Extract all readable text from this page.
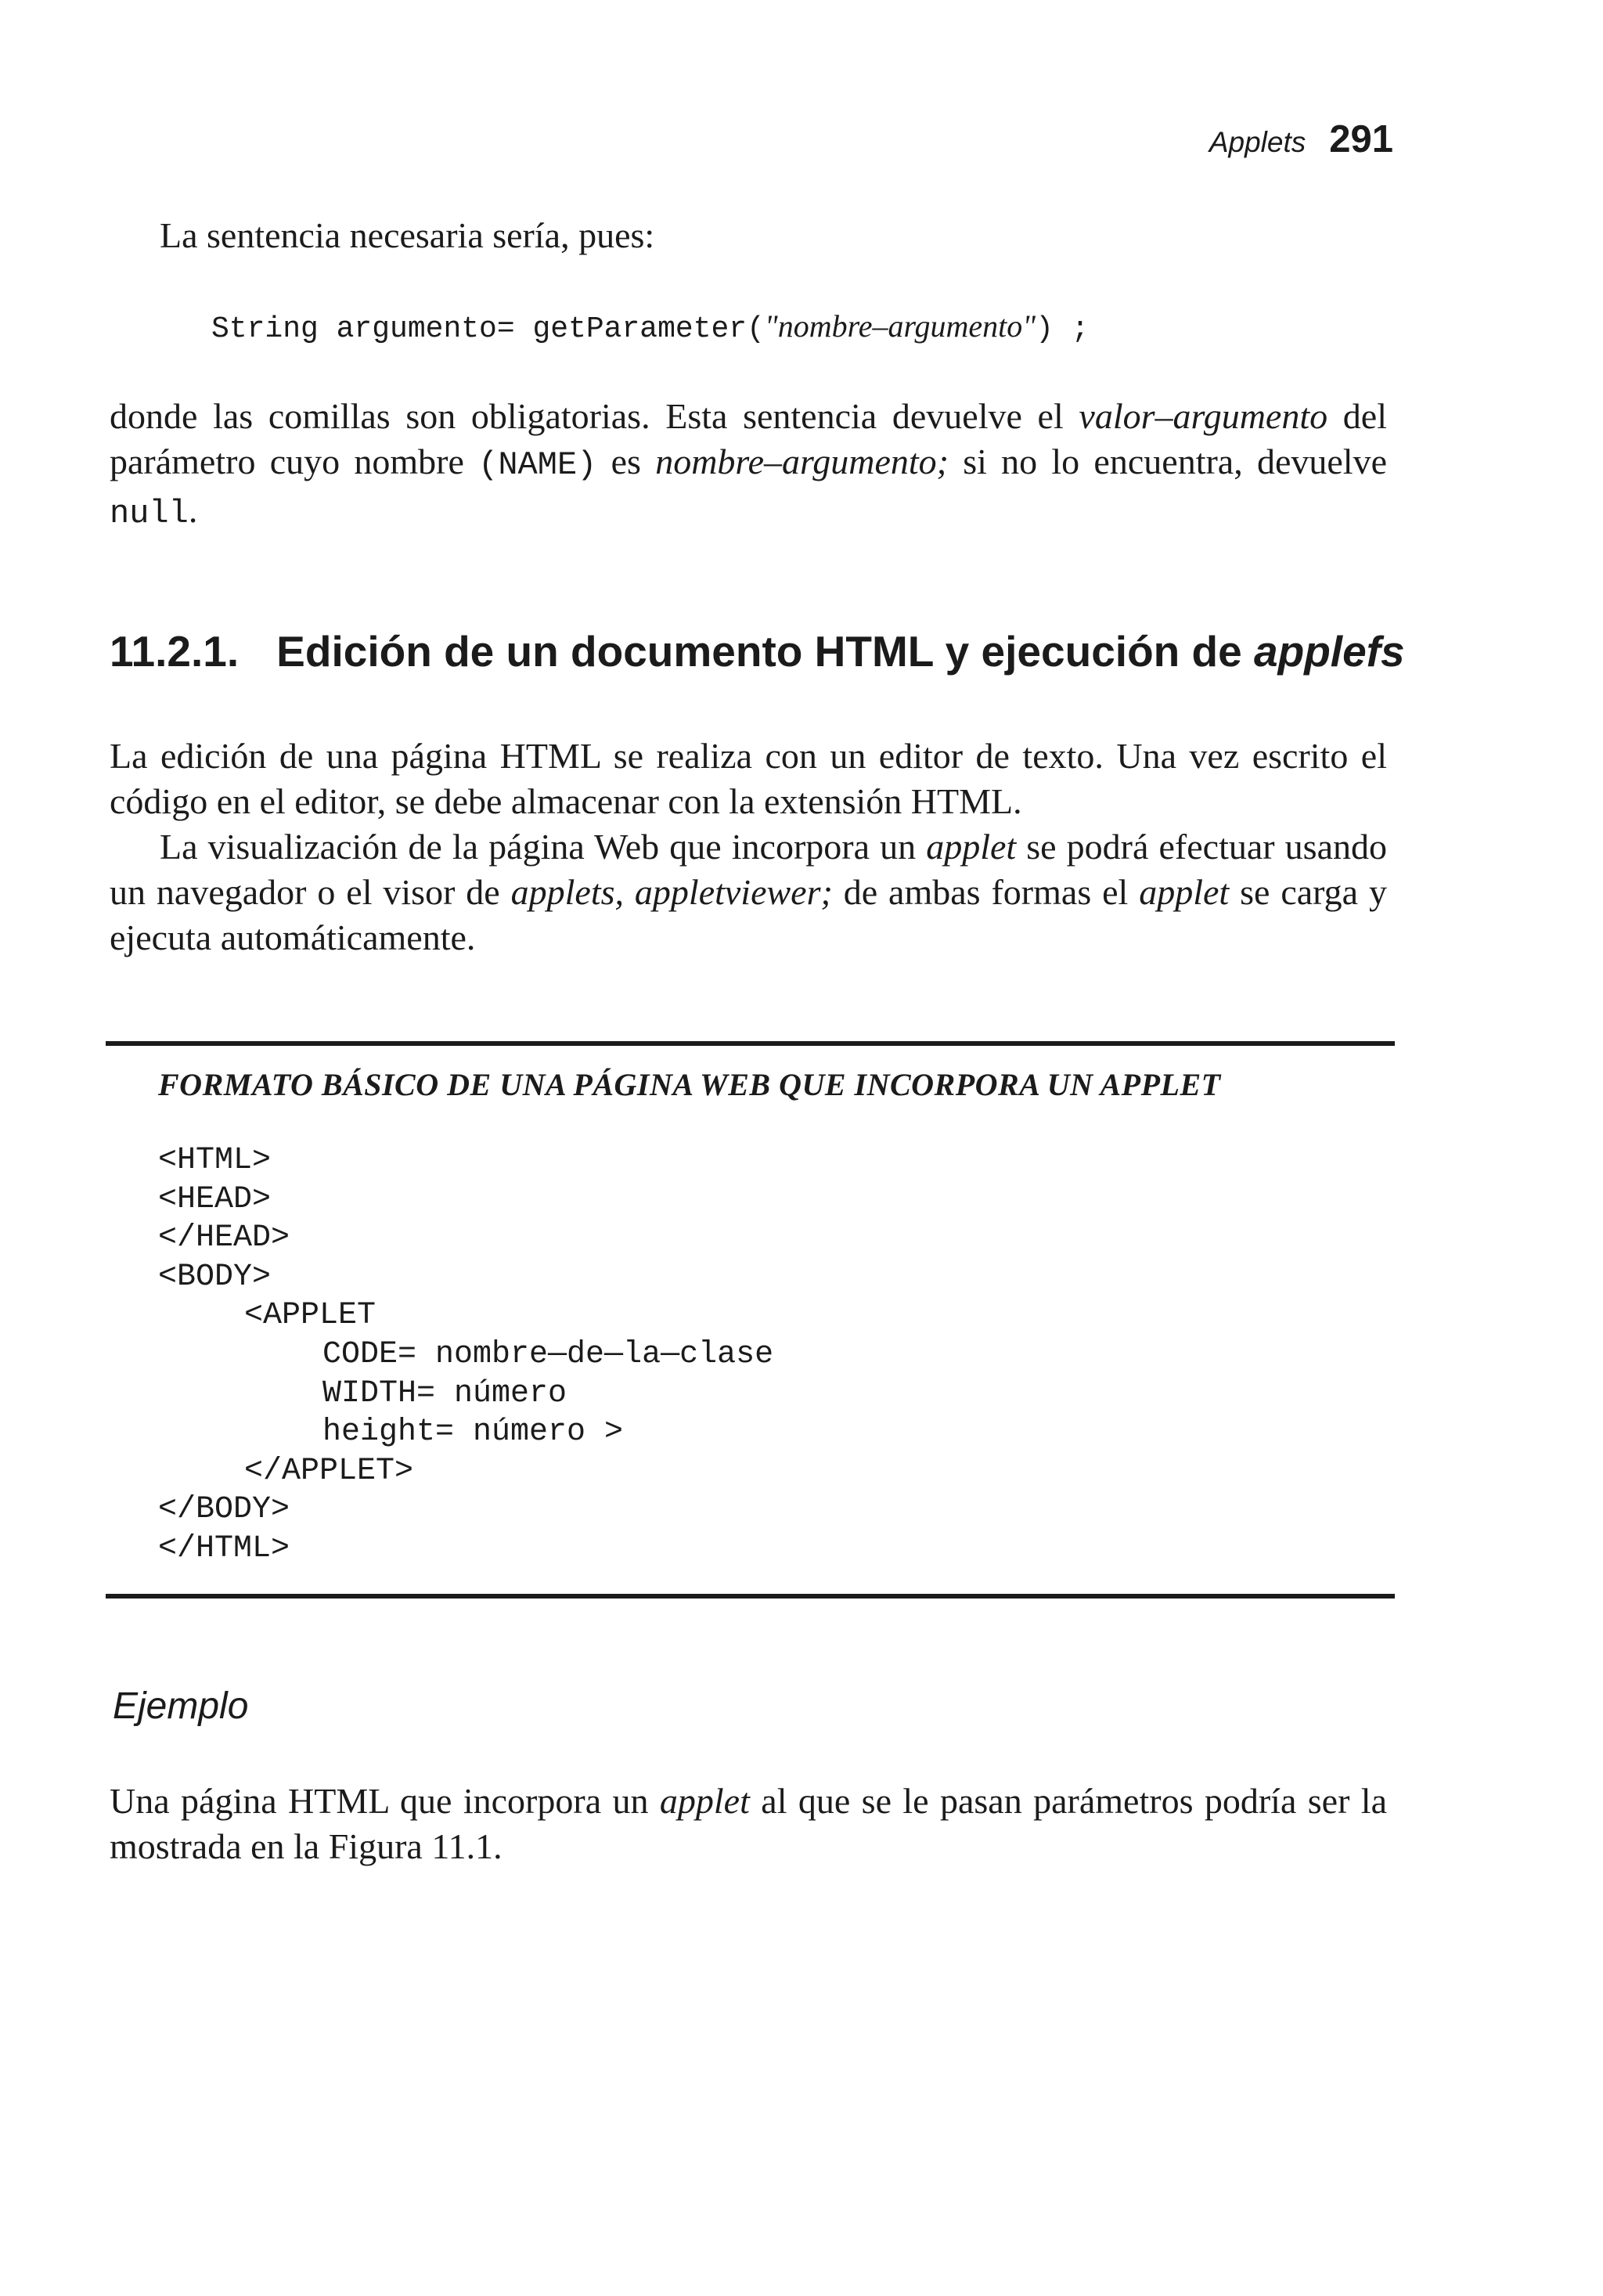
Applets 291
La sentencia necesaria sería, pues:
String argumento= getParameter("nombre–argumento") ;
donde las comillas son obligatorias. Esta sentencia devuelve el valor–argumento del parámetro cuyo nombre (NAME) es nombre–argumento; si no lo encuentra, devuelve null.
11.2.1. Edición de un documento HTML y ejecución de applefs
La edición de una página HTML se realiza con un editor de texto. Una vez escrito el código en el editor, se debe almacenar con la extensión HTML.
La visualización de la página Web que incorpora un applet se podrá efectuar usando un navegador o el visor de applets, appletviewer; de ambas formas el applet se carga y ejecuta automáticamente.
FORMATO BÁSICO DE UNA PÁGINA WEB QUE INCORPORA UN APPLET
<HTML>
<HEAD>
</HEAD>
<BODY>
<APPLET
CODE= nombre—de—la—clase
WIDTH= número
height= número >
</APPLET>
</BODY>
</HTML>
Ejemplo
Una página HTML que incorpora un applet al que se le pasan parámetros podría ser la mostrada en la Figura 11.1.
